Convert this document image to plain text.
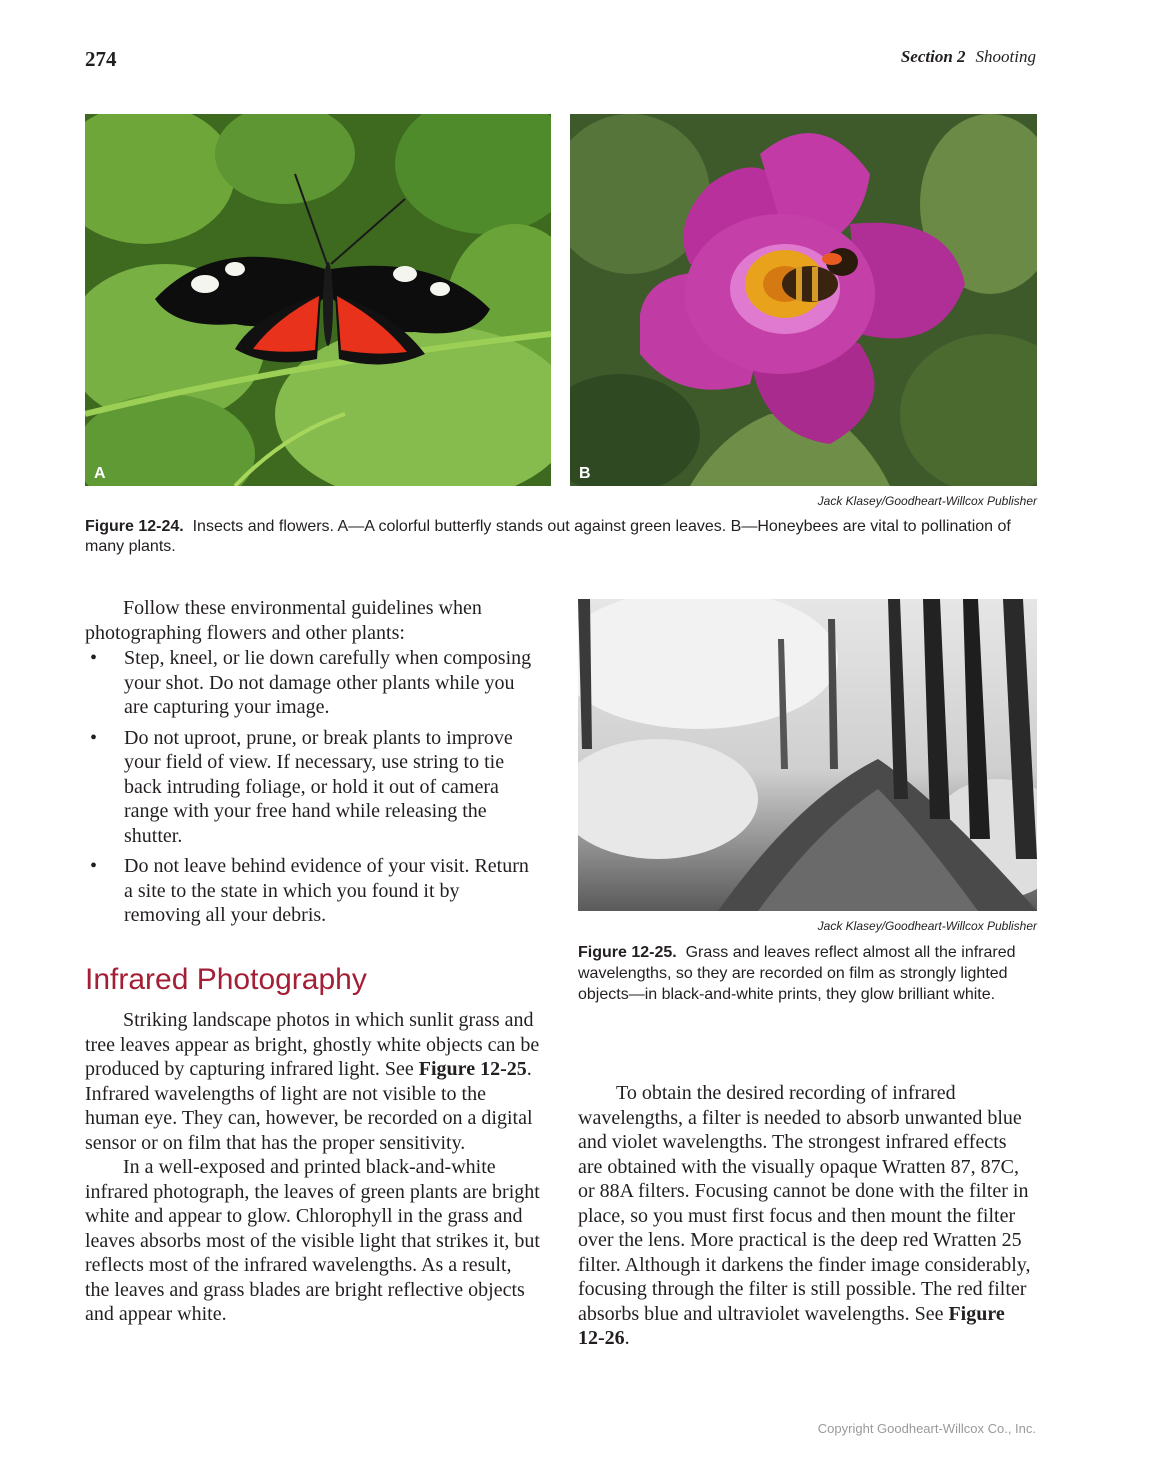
274	Section 2 Shooting
A	B
Jack Klasey/Goodheart-Willcox Publisher
Figure 12-24. Insects and flowers. A—A colorful butterfly stands out against green leaves. B—Honeybees are vital to pollination of many plants.

Follow these environmental guidelines when photographing flowers and other plants:

• Step, kneel, or lie down carefully when composing your shot. Do not damage other plants while you are capturing your image.
• Do not uproot, prune, or break plants to improve your field of view. If necessary, use string to tie back intruding foliage, or hold it out of camera range with your free hand while releasing the shutter.
• Do not leave behind evidence of your visit. Return a site to the state in which you found it by removing all your debris.
Infrared Photography

Striking landscape photos in which sunlit grass and tree leaves appear as bright, ghostly white objects can be produced by capturing infrared light. See Figure 12-25. Infrared wavelengths of light are not visible to the human eye. They can, however, be recorded on a digital sensor or on film that has the proper sensitivity.

In a well-exposed and printed black-and-white infrared photograph, the leaves of green plants are bright white and appear to glow. Chlorophyll in the grass and leaves absorbs most of the visible light that strikes it, but reflects most of the infrared wavelengths. As a result, the leaves and grass blades are bright reflective objects and appear white.

Jack Klasey/Goodheart-Willcox Publisher
Figure 12-25. Grass and leaves reflect almost all the infrared wavelengths, so they are recorded on film as strongly lighted objects—in black-and-white prints, they glow brilliant white.

To obtain the desired recording of infrared wavelengths, a filter is needed to absorb unwanted blue and violet wavelengths. The strongest infrared effects are obtained with the visually opaque Wratten 87, 87C, or 88A filters. Focusing cannot be done with the filter in place, so you must first focus and then mount the filter over the lens. More practical is the deep red Wratten 25 filter. Although it darkens the finder image considerably, focusing through the filter is still possible. The red filter absorbs blue and ultraviolet wavelengths. See Figure 12-26.

Copyright Goodheart-Willcox Co., Inc.
